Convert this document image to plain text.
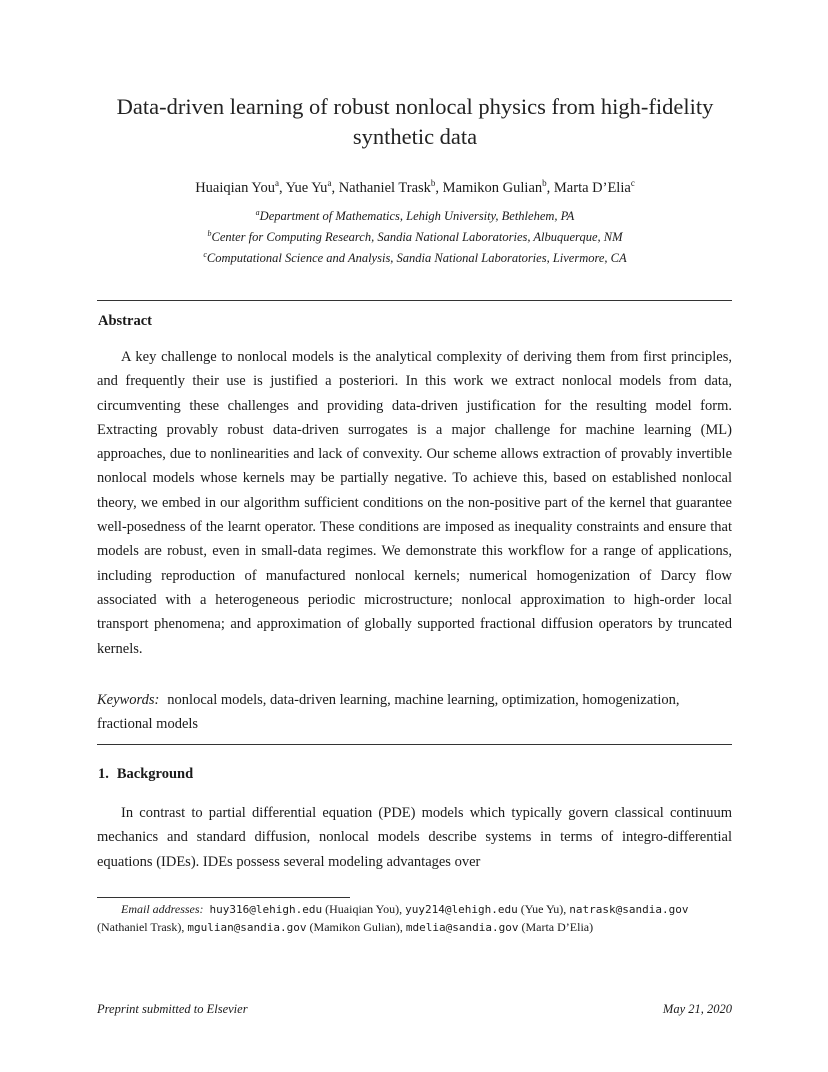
Data-driven learning of robust nonlocal physics from high-fidelity synthetic data
Huaiqian You$^a$, Yue Yu$^a$, Nathaniel Trask$^b$, Mamikon Gulian$^b$, Marta D’Elia$^c$
$^a$Department of Mathematics, Lehigh University, Bethlehem, PA
$^b$Center for Computing Research, Sandia National Laboratories, Albuquerque, NM
$^c$Computational Science and Analysis, Sandia National Laboratories, Livermore, CA
Abstract
A key challenge to nonlocal models is the analytical complexity of deriving them from first principles, and frequently their use is justified a posteriori. In this work we extract nonlocal models from data, circumventing these challenges and providing data-driven justification for the resulting model form. Extracting provably robust data-driven surrogates is a major challenge for machine learning (ML) approaches, due to nonlinearities and lack of convexity. Our scheme allows extraction of provably invertible nonlocal models whose kernels may be partially negative. To achieve this, based on established nonlocal theory, we embed in our algorithm sufficient conditions on the non-positive part of the kernel that guarantee well-posedness of the learnt operator. These conditions are imposed as inequality constraints and ensure that models are robust, even in small-data regimes. We demonstrate this workflow for a range of applications, including reproduction of manufactured nonlocal kernels; numerical homogenization of Darcy flow associated with a heterogeneous periodic microstructure; nonlocal approximation to high-order local transport phenomena; and approximation of globally supported fractional diffusion operators by truncated kernels.
Keywords: nonlocal models, data-driven learning, machine learning, optimization, homogenization, fractional models
1. Background
In contrast to partial differential equation (PDE) models which typically govern classical continuum mechanics and standard diffusion, nonlocal models describe systems in terms of integro-differential equations (IDEs). IDEs possess several modeling advantages over
Email addresses: huy316@lehigh.edu (Huaiqian You), yuy214@lehigh.edu (Yue Yu), natrask@sandia.gov (Nathaniel Trask), mgulian@sandia.gov (Mamikon Gulian), mdelia@sandia.gov (Marta D’Elia)
Preprint submitted to Elsevier	May 21, 2020
